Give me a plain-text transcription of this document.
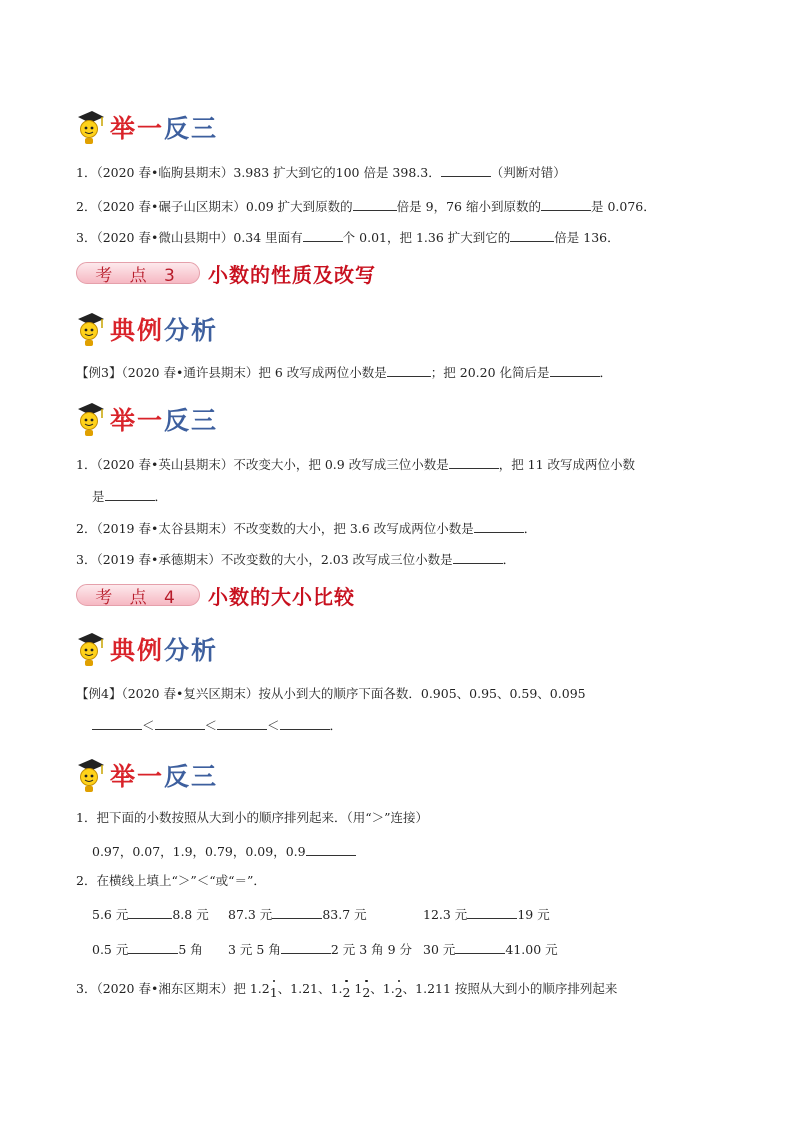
举一反三
1．（2020 春•临朐县期末）3.983 扩大到它的100 倍是 398.3．	（判断对错）
2．（2020 春•碾子山区期末）0.09 扩大到原数的	倍是 9，76 缩小到原数的	是 0.076．
3．（2020 春•微山县期中）0.34 里面有	个 0.01，把 1.36 扩大到它的	倍是 136．
考 点 3	小数的性质及改写
典例分析
【例3】（2020 春•通许县期末）把 6 改写成两位小数是	；把 20.20 化简后是	．
举一反三
1．（2020 春•英山县期末）不改变大小，把 0.9 改写成三位小数是	，把 11 改写成两位小数
是	．
2．（2019 春•太谷县期末）不改变数的大小，把 3.6 改写成两位小数是	．
3．（2019 春•承德期末）不改变数的大小，2.03 改写成三位小数是	．
考 点 4	小数的大小比较
典例分析
【例4】（2020 春•复兴区期末）按从小到大的顺序下面各数．0.905、0.95、0.59、0.095
＜	＜	＜	．
举一反三
1．把下面的小数按照从大到小的顺序排列起来．（用“＞”连接）
0.97，0.07，1.9，0.79，0.09，0.9
2．在横线上填上“＞”＜“或“＝”．
5.6 元	8.8 元 87.3 元	83.7 元	12.3 元	19 元
0.5 元	5 角 3 元 5 角	2 元 3 角 9 分 30 元	41.00 元
3．（2020 春•湘东区期末）把 1.21、1.21、1.2 12、1.2、1.211 按照从大到小的顺序排列起来
